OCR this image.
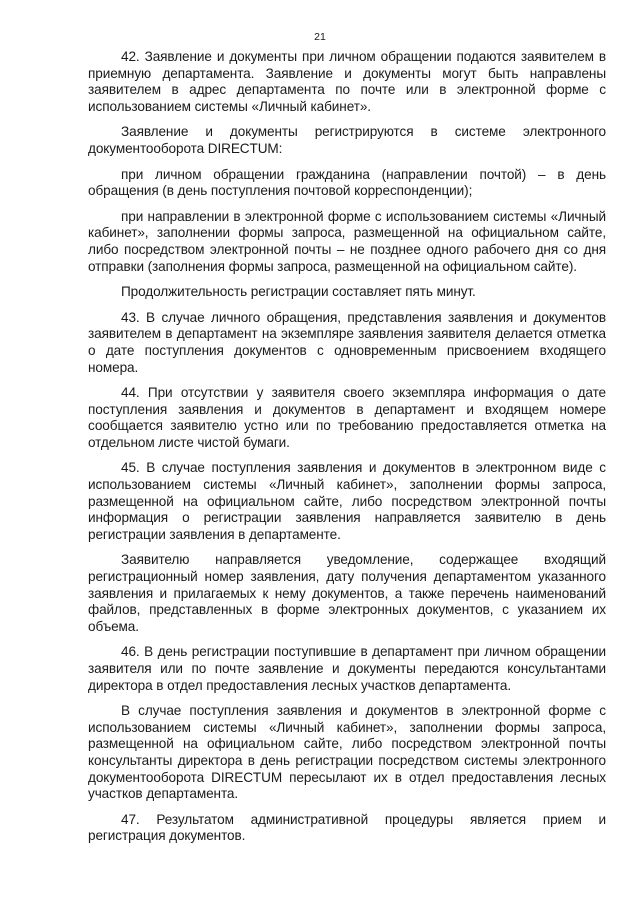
21

42. Заявление и документы при личном обращении подаются заявителем в приемную департамента. Заявление и документы могут быть направлены заявителем в адрес департамента по почте или в электронной форме с использованием системы «Личный кабинет».

Заявление и документы регистрируются в системе электронного документооборота DIRECTUM:

при личном обращении гражданина (направлении почтой) – в день обращения (в день поступления почтовой корреспонденции);

при направлении в электронной форме с использованием системы «Личный кабинет», заполнении формы запроса, размещенной на официальном сайте, либо посредством электронной почты – не позднее одного рабочего дня со дня отправки (заполнения формы запроса, размещенной на официальном сайте).

Продолжительность регистрации составляет пять минут.

43. В случае личного обращения, представления заявления и документов заявителем в департамент на экземпляре заявления заявителя делается отметка о дате поступления документов с одновременным присвоением входящего номера.

44. При отсутствии у заявителя своего экземпляра информация о дате поступления заявления и документов в департамент и входящем номере сообщается заявителю устно или по требованию предоставляется отметка на отдельном листе чистой бумаги.

45. В случае поступления заявления и документов в электронном виде с использованием системы «Личный кабинет», заполнении формы запроса, размещенной на официальном сайте, либо посредством электронной почты информация о регистрации заявления направляется заявителю в день регистрации заявления в департаменте.

Заявителю направляется уведомление, содержащее входящий регистрационный номер заявления, дату получения департаментом указанного заявления и прилагаемых к нему документов, а также перечень наименований файлов, представленных в форме электронных документов, с указанием их объема.

46. В день регистрации поступившие в департамент при личном обращении заявителя или по почте заявление и документы передаются консультантами директора в отдел предоставления лесных участков департамента.

В случае поступления заявления и документов в электронной форме с использованием системы «Личный кабинет», заполнении формы запроса, размещенной на официальном сайте, либо посредством электронной почты консультанты директора в день регистрации посредством системы электронного документооборота DIRECTUM пересылают их в отдел предоставления лесных участков департамента.

47. Результатом административной процедуры является прием и регистрация документов.
